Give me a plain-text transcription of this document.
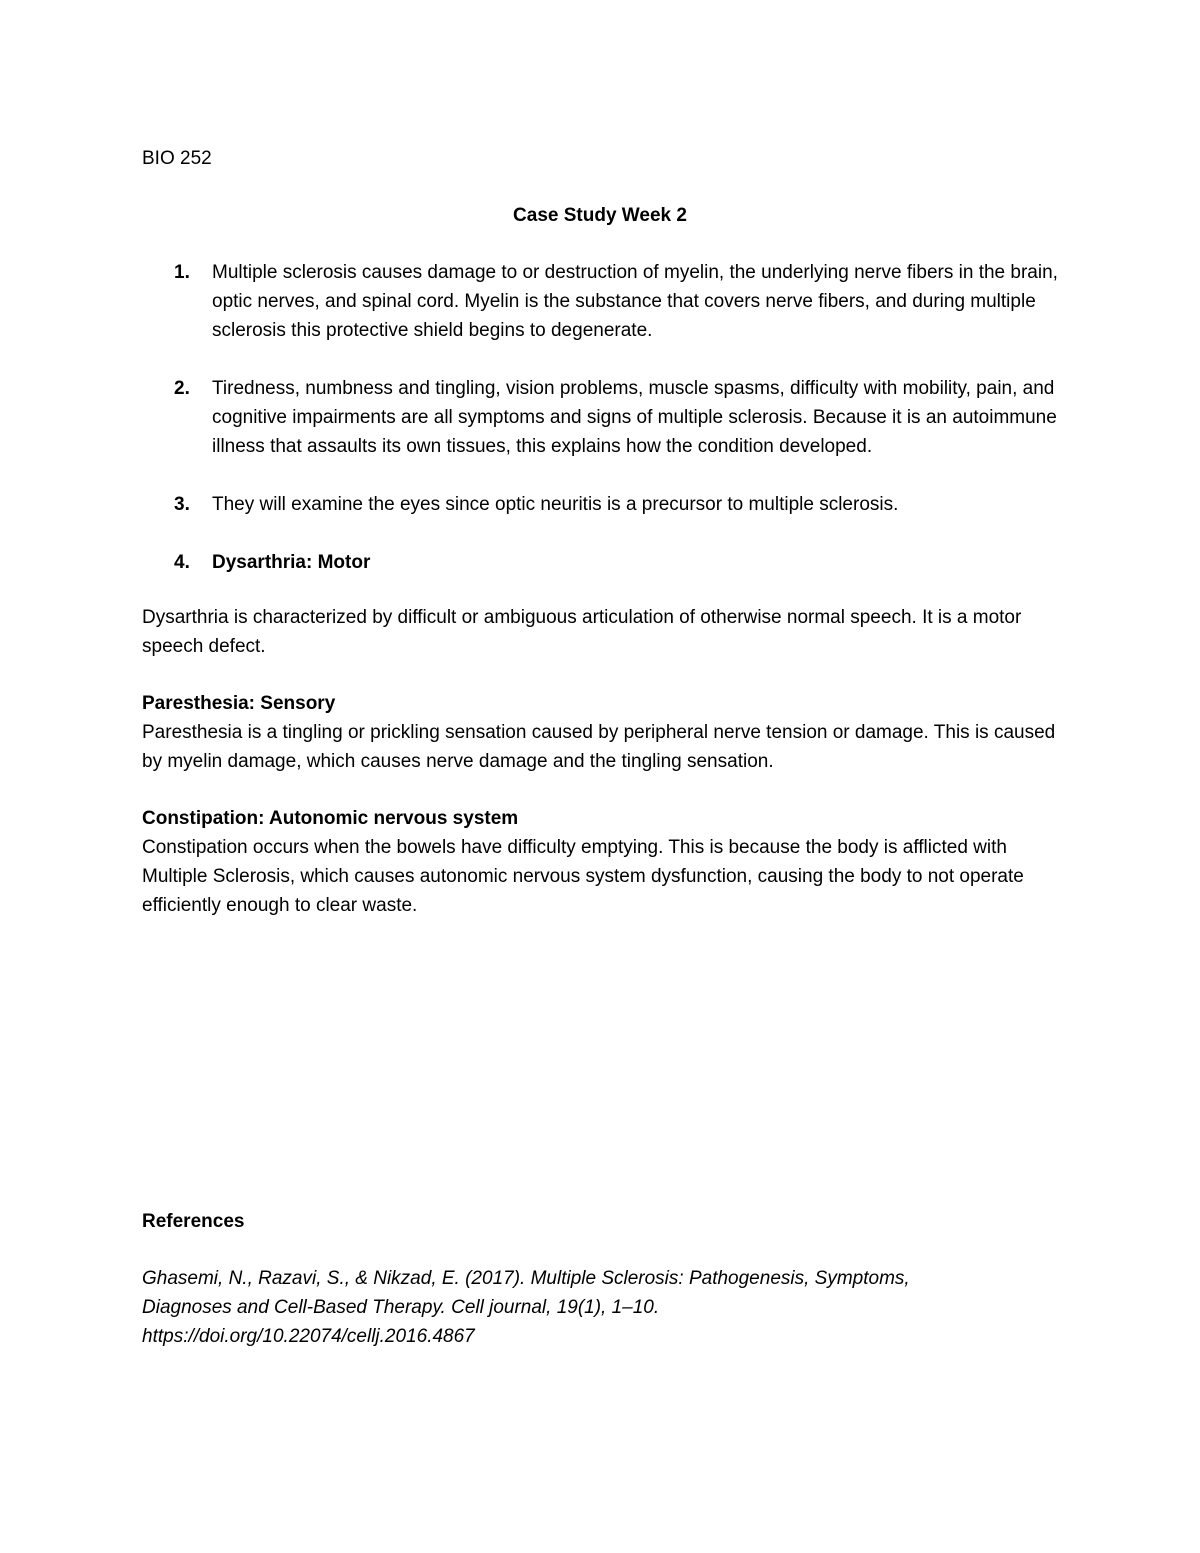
BIO 252

Case Study Week 2
1. Multiple sclerosis causes damage to or destruction of myelin, the underlying nerve fibers in the brain, optic nerves, and spinal cord. Myelin is the substance that covers nerve fibers, and during multiple sclerosis this protective shield begins to degenerate.
2. Tiredness, numbness and tingling, vision problems, muscle spasms, difficulty with mobility, pain, and cognitive impairments are all symptoms and signs of multiple sclerosis. Because it is an autoimmune illness that assaults its own tissues, this explains how the condition developed.
3. They will examine the eyes since optic neuritis is a precursor to multiple sclerosis.
4. Dysarthria: Motor
Dysarthria is characterized by difficult or ambiguous articulation of otherwise normal speech. It is a motor speech defect.
Paresthesia: Sensory
Paresthesia is a tingling or prickling sensation caused by peripheral nerve tension or damage. This is caused by myelin damage, which causes nerve damage and the tingling sensation.
Constipation: Autonomic nervous system
Constipation occurs when the bowels have difficulty emptying. This is because the body is afflicted with Multiple Sclerosis, which causes autonomic nervous system dysfunction, causing the body to not operate efficiently enough to clear waste.
References
Ghasemi, N., Razavi, S., & Nikzad, E. (2017). Multiple Sclerosis: Pathogenesis, Symptoms,
Diagnoses and Cell-Based Therapy. Cell journal, 19(1), 1–10.
https://doi.org/10.22074/cellj.2016.4867
